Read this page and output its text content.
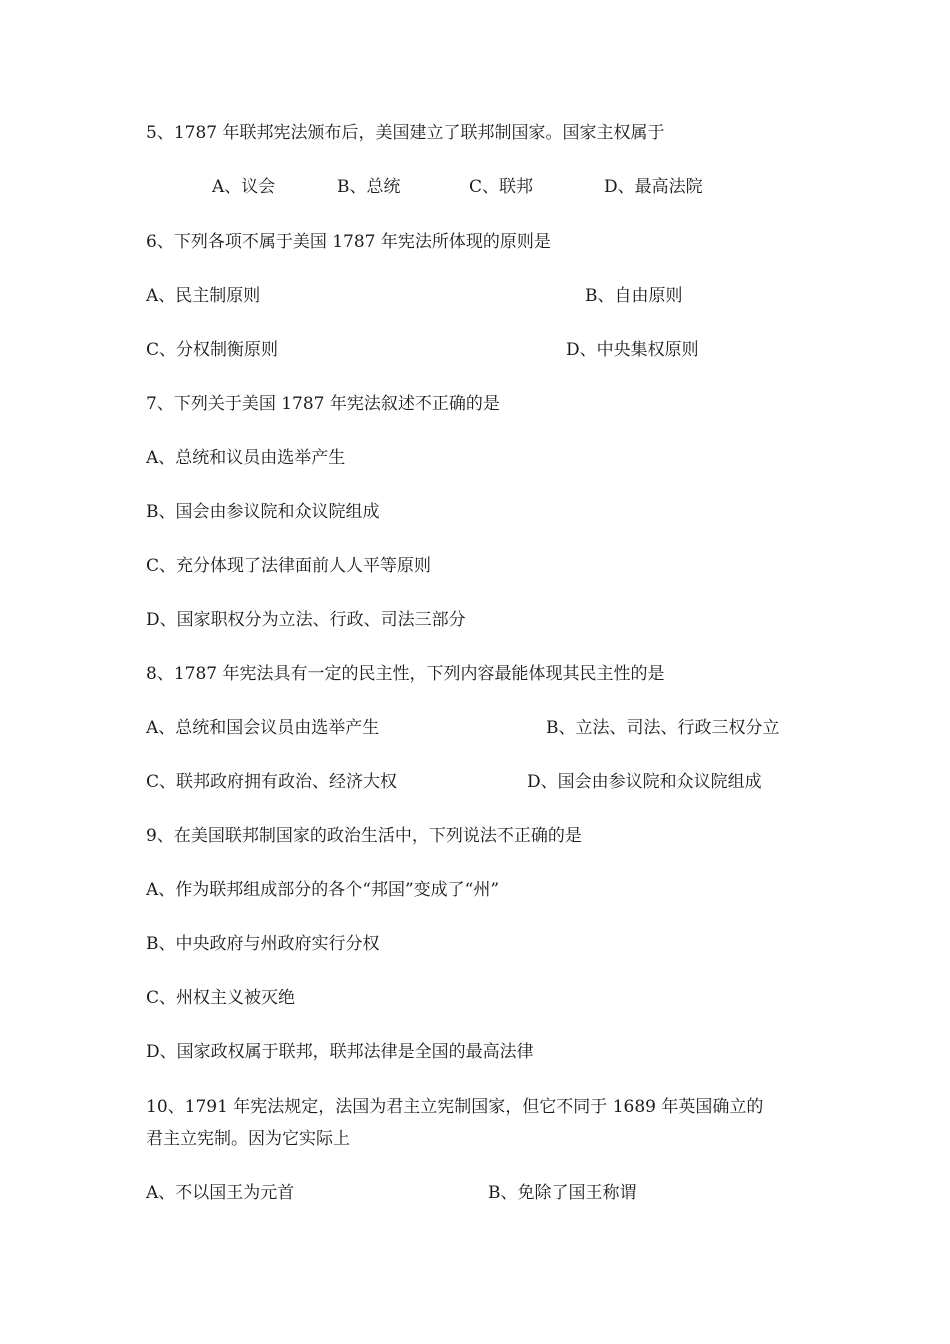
5、1787 年联邦宪法颁布后，美国建立了联邦制国家。国家主权属于
A、议会	B、总统	C、联邦	D、最高法院
6、下列各项不属于美国 1787 年宪法所体现的原则是
A、民主制原则	B、自由原则
C、分权制衡原则	D、中央集权原则
7、下列关于美国 1787 年宪法叙述不正确的是
A、总统和议员由选举产生
B、国会由参议院和众议院组成
C、充分体现了法律面前人人平等原则
D、国家职权分为立法、行政、司法三部分
8、1787 年宪法具有一定的民主性，下列内容最能体现其民主性的是
A、总统和国会议员由选举产生	B、立法、司法、行政三权分立
C、联邦政府拥有政治、经济大权	D、国会由参议院和众议院组成
9、在美国联邦制国家的政治生活中，下列说法不正确的是
A、作为联邦组成部分的各个“邦国”变成了“州”
B、中央政府与州政府实行分权
C、州权主义被灭绝
D、国家政权属于联邦，联邦法律是全国的最高法律
10、1791 年宪法规定，法国为君主立宪制国家，但它不同于 1689 年英国确立的
君主立宪制。因为它实际上
A、不以国王为元首	B、免除了国王称谓
